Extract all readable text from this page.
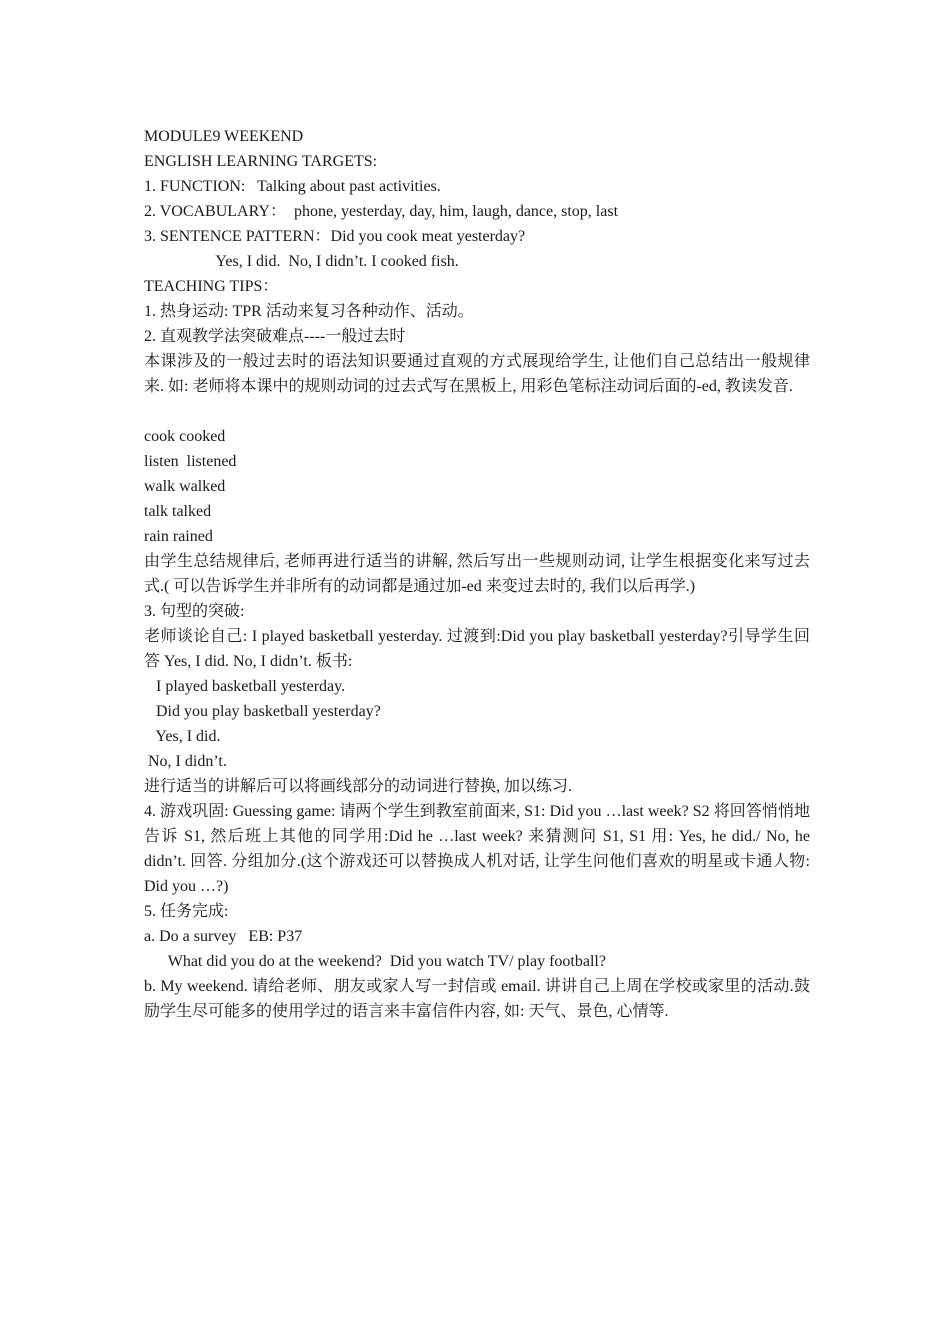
MODULE9 WEEKEND
ENGLISH LEARNING TARGETS:
1. FUNCTION:   Talking about past activities.
2. VOCABULARY：  phone, yesterday, day, him, laugh, dance, stop, last
3. SENTENCE PATTERN：Did you cook meat yesterday?
Yes, I did.  No, I didn’t. I cooked fish.
TEACHING TIPS：
1. 热身运动: TPR 活动来复习各种动作、活动。
2. 直观教学法突破难点----一般过去时
本课涉及的一般过去时的语法知识要通过直观的方式展现给学生, 让他们自己总结出一般规律来. 如: 老师将本课中的规则动词的过去式写在黑板上, 用彩色笔标注动词后面的-ed, 教读发音.
cook cooked
listen  listened
walk walked
talk talked
rain rained
由学生总结规律后, 老师再进行适当的讲解, 然后写出一些规则动词, 让学生根据变化来写过去式.( 可以告诉学生并非所有的动词都是通过加-ed 来变过去时的, 我们以后再学.)
3. 句型的突破:
老师谈论自己: I played basketball yesterday. 过渡到:Did you play basketball yesterday?引导学生回答 Yes, I did. No, I didn’t. 板书:
I played basketball yesterday.
Did you play basketball yesterday?
Yes, I did.
No, I didn’t.
进行适当的讲解后可以将画线部分的动词进行替换, 加以练习.
4. 游戏巩固: Guessing game: 请两个学生到教室前面来, S1: Did you …last week? S2 将回答悄悄地告诉 S1, 然后班上其他的同学用:Did he …last week? 来猜测问 S1, S1 用: Yes, he did./ No, he didn’t. 回答. 分组加分.(这个游戏还可以替换成人机对话, 让学生问他们喜欢的明星或卡通人物: Did you …?)
5. 任务完成:
a. Do a survey   EB: P37
What did you do at the weekend?  Did you watch TV/ play football?
b. My weekend. 请给老师、朋友或家人写一封信或 email. 讲讲自己上周在学校或家里的活动.鼓励学生尽可能多的使用学过的语言来丰富信件内容, 如: 天气、景色, 心情等.
